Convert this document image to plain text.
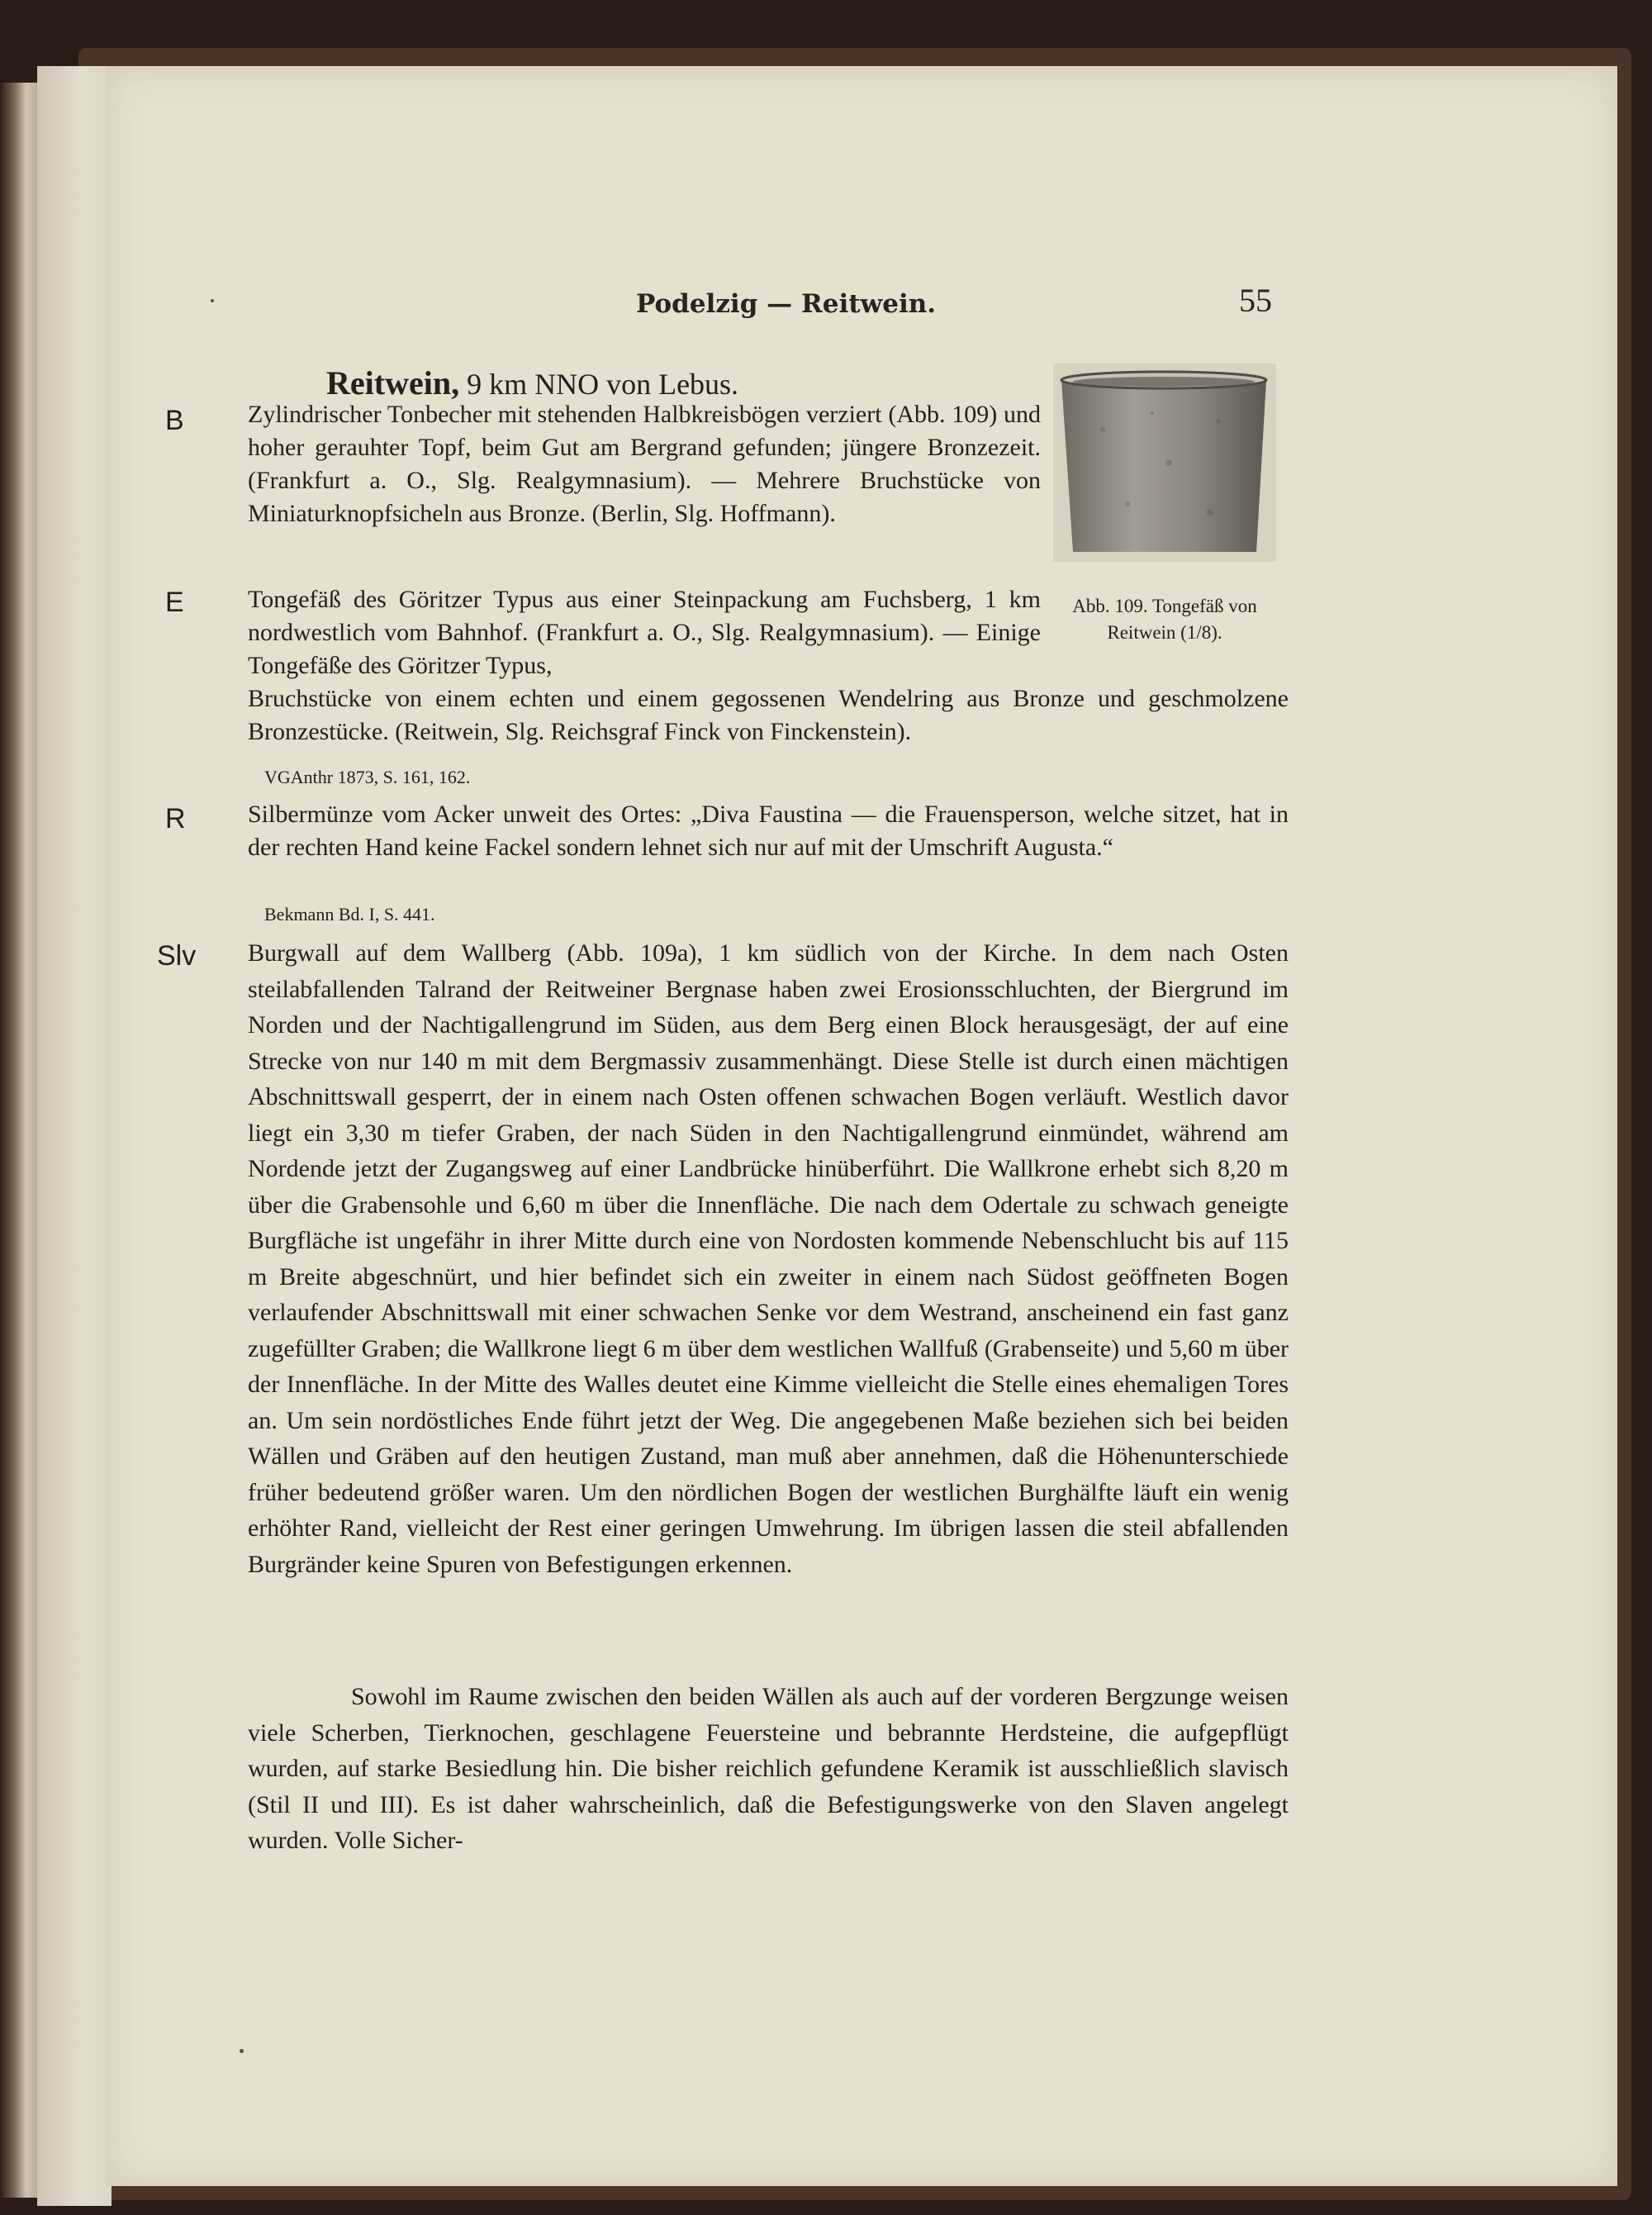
Podelzig — Reitwein.	55
Reitwein, 9 km NNO von Lebus.
Abb. 109. Tongefäß von
Reitwein (1/8).
B	Zylindrischer Tonbecher mit stehenden Halbkreisbögen verziert (Abb. 109) und hoher gerauhter Topf, beim Gut am Bergrand gefunden; jüngere Bronzezeit. (Frankfurt a. O., Slg. Realgymnasium). — Mehrere Bruchstücke von Miniaturknopfsicheln aus Bronze. (Berlin, Slg. Hoffmann).
E	Tongefäß des Göritzer Typus aus einer Steinpackung am Fuchsberg, 1 km nordwestlich vom Bahnhof. (Frankfurt a. O., Slg. Realgymnasium). — Einige Tongefäße des Göritzer Typus,
Bruchstücke von einem echten und einem gegossenen Wendelring aus Bronze und geschmolzene Bronzestücke. (Reitwein, Slg. Reichsgraf Finck von Finckenstein).
VGAnthr 1873, S. 161, 162.
R	Silbermünze vom Acker unweit des Ortes: „Diva Faustina — die Frauensperson, welche sitzet, hat in der rechten Hand keine Fackel sondern lehnet sich nur auf mit der Umschrift Augusta.“
Bekmann Bd. I, S. 441.
Slv Burgwall auf dem Wallberg (Abb. 109a), 1 km südlich von der Kirche. In dem nach Osten steilabfallenden Talrand der Reitweiner Bergnase haben zwei Erosionsschluchten, der Biergrund im Norden und der Nachtigallengrund im Süden, aus dem Berg einen Block herausgesägt, der auf eine Strecke von nur 140 m mit dem Bergmassiv zusammenhängt. Diese Stelle ist durch einen mächtigen Abschnittswall gesperrt, der in einem nach Osten offenen schwachen Bogen verläuft. Westlich davor liegt ein 3,30 m tiefer Graben, der nach Süden in den Nachtigallengrund einmündet, während am Nordende jetzt der Zugangsweg auf einer Landbrücke hinüberführt. Die Wallkrone erhebt sich 8,20 m über die Grabensohle und 6,60 m über die Innenfläche. Die nach dem Odertale zu schwach geneigte Burgfläche ist ungefähr in ihrer Mitte durch eine von Nordosten kommende Nebenschlucht bis auf 115 m Breite abgeschnürt, und hier befindet sich ein zweiter in einem nach Südost geöffneten Bogen verlaufender Abschnittswall mit einer schwachen Senke vor dem Westrand, anscheinend ein fast ganz zugefüllter Graben; die Wallkrone liegt 6 m über dem westlichen Wallfuß (Grabenseite) und 5,60 m über der Innenfläche. In der Mitte des Walles deutet eine Kimme vielleicht die Stelle eines ehemaligen Tores an. Um sein nordöstliches Ende führt jetzt der Weg. Die angegebenen Maße beziehen sich bei beiden Wällen und Gräben auf den heutigen Zustand, man muß aber annehmen, daß die Höhenunterschiede früher bedeutend größer waren. Um den nördlichen Bogen der westlichen Burghälfte läuft ein wenig erhöhter Rand, vielleicht der Rest einer geringen Umwehrung. Im übrigen lassen die steil abfallenden Burgränder keine Spuren von Befestigungen erkennen.
Sowohl im Raume zwischen den beiden Wällen als auch auf der vorderen Bergzunge weisen viele Scherben, Tierknochen, geschlagene Feuersteine und bebrannte Herdsteine, die aufgepflügt wurden, auf starke Besiedlung hin. Die bisher reichlich gefundene Keramik ist ausschließlich slavisch (Stil II und III). Es ist daher wahrscheinlich, daß die Befestigungswerke von den Slaven angelegt wurden. Volle Sicher-
